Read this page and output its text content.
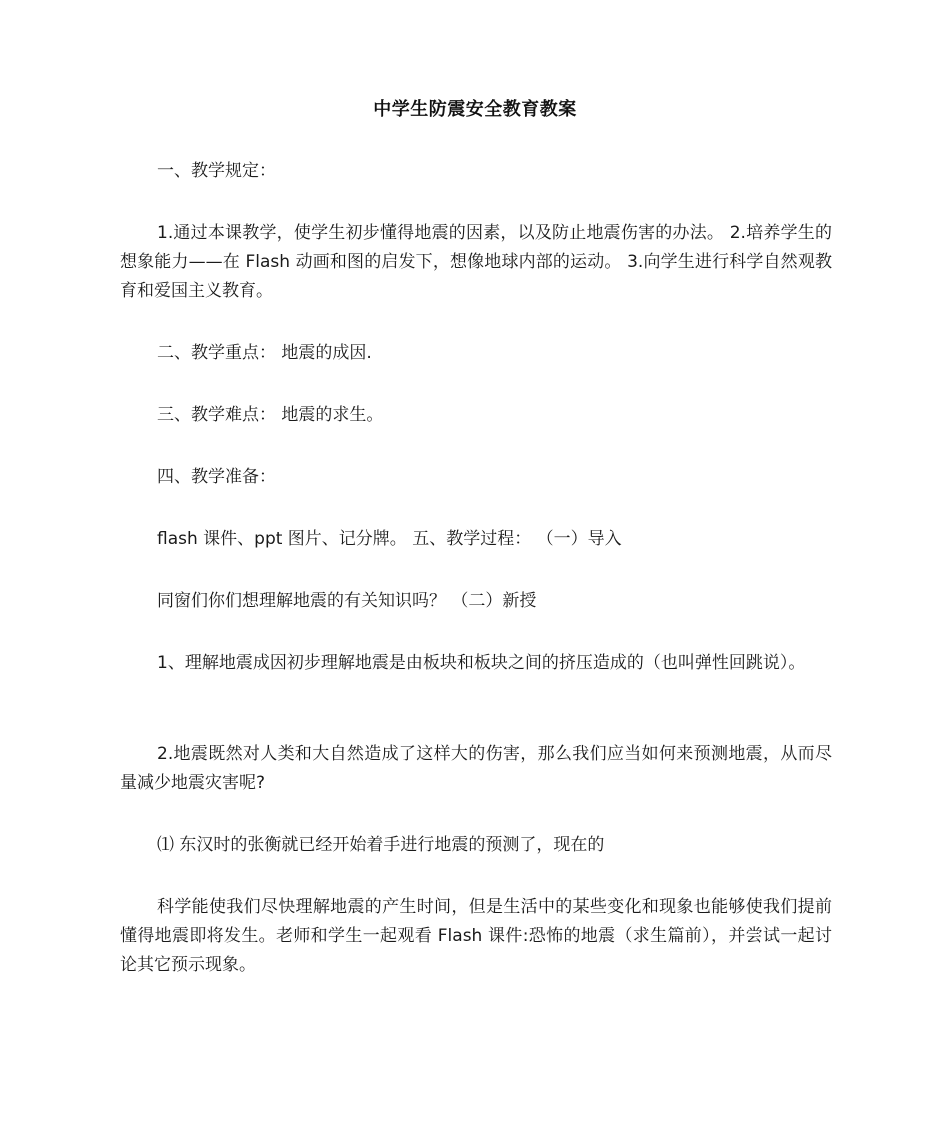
中学生防震安全教育教案
一、教学规定：
1.通过本课教学，使学生初步懂得地震的因素，以及防止地震伤害的办法。 2.培养学生的想象能力——在 Flash 动画和图的启发下，想像地球内部的运动。 3.向学生进行科学自然观教育和爱国主义教育。
二、教学重点： 地震的成因.
三、教学难点： 地震的求生。
四、教学准备：
flash 课件、ppt 图片、记分牌。 五、教学过程： （一）导入
同窗们你们想理解地震的有关知识吗？ （二）新授
1、理解地震成因初步理解地震是由板块和板块之间的挤压造成的（也叫弹性回跳说）。
2.地震既然对人类和大自然造成了这样大的伤害，那么我们应当如何来预测地震，从而尽量减少地震灾害呢?
⑴ 东汉时的张衡就已经开始着手进行地震的预测了，现在的
科学能使我们尽快理解地震的产生时间，但是生活中的某些变化和现象也能够使我们提前懂得地震即将发生。老师和学生一起观看 Flash 课件:恐怖的地震（求生篇前），并尝试一起讨论其它预示现象。
